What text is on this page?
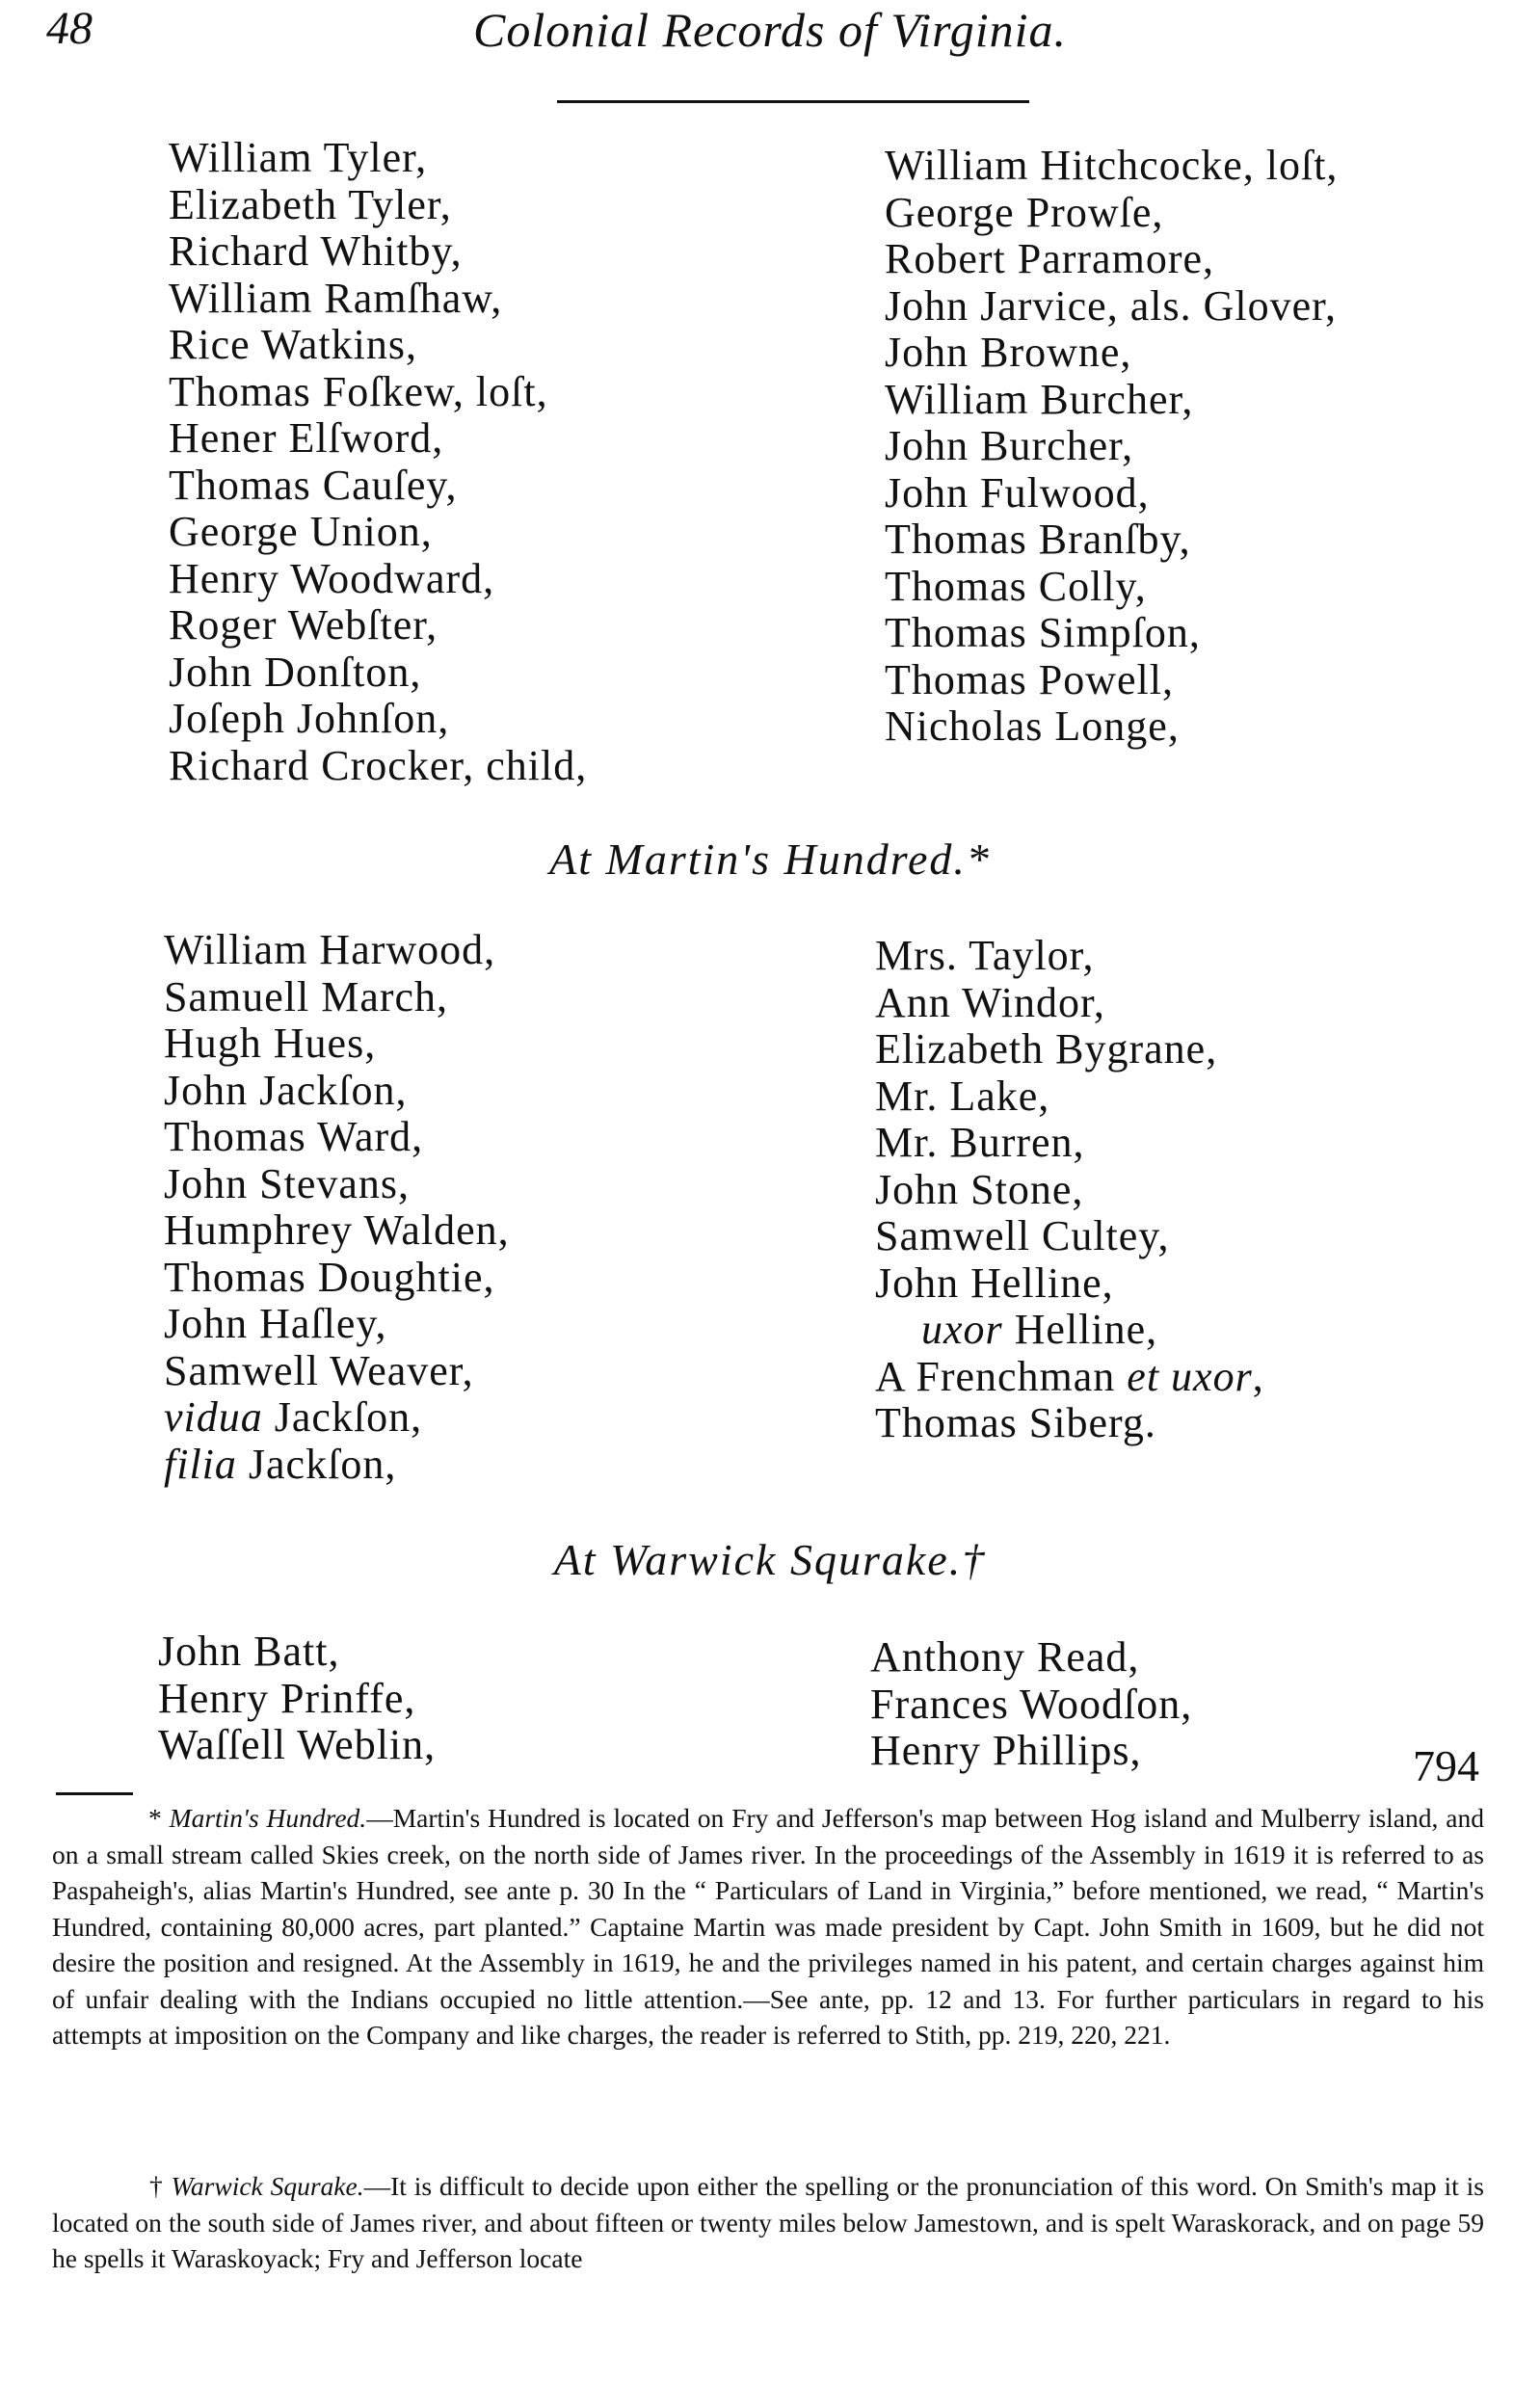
48	Colonial Records of Virginia.
William Tyler,
Elizabeth Tyler,
Richard Whitby,
William Ramſhaw,
Rice Watkins,
Thomas Foſkew, loſt,
Hener Elſword,
Thomas Cauſey,
George Union,
Henry Woodward,
Roger Webſter,
John Donſton,
Joſeph Johnſon,
Richard Crocker, child,
William Hitchcocke, loſt,
George Prowſe,
Robert Parramore,
John Jarvice, als. Glover,
John Browne,
William Burcher,
John Burcher,
John Fulwood,
Thomas Branſby,
Thomas Colly,
Thomas Simpſon,
Thomas Powell,
Nicholas Longe,
At Martin's Hundred.*
William Harwood,
Samuell March,
Hugh Hues,
John Jackſon,
Thomas Ward,
John Stevans,
Humphrey Walden,
Thomas Doughtie,
John Haſley,
Samwell Weaver,
vidua Jackſon,
filia Jackſon,
Mrs. Taylor,
Ann Windor,
Elizabeth Bygrane,
Mr. Lake,
Mr. Burren,
John Stone,
Samwell Cultey,
John Helline,
uxor Helline,
A Frenchman et uxor,
Thomas Siberg.
At Warwick Squrake.†
John Batt,
Henry Prinffe,
Waſſell Weblin,
Anthony Read,
Frances Woodſon,
Henry Phillips,	794
* Martin's Hundred.—Martin's Hundred is located on Fry and Jefferson's map between Hog island and Mulberry island, and on a small stream called Skies creek, on the north side of James river. In the proceedings of the Assembly in 1619 it is referred to as Paspaheigh's, alias Martin's Hundred, see ante p. 30 In the “ Particulars of Land in Virginia,” before mentioned, we read, “ Martin's Hundred, containing 80,000 acres, part planted.” Captaine Martin was made president by Capt. John Smith in 1609, but he did not desire the position and resigned. At the Assembly in 1619, he and the privileges named in his patent, and certain charges against him of unfair dealing with the Indians occupied no little attention.—See ante, pp. 12 and 13. For further particulars in regard to his attempts at imposition on the Company and like charges, the reader is referred to Stith, pp. 219, 220, 221.
† Warwick Squrake.—It is difficult to decide upon either the spelling or the pronunciation of this word. On Smith's map it is located on the south side of James river, and about fifteen or twenty miles below Jamestown, and is spelt Waraskorack, and on page 59 he spells it Waraskoyack; Fry and Jefferson locate
